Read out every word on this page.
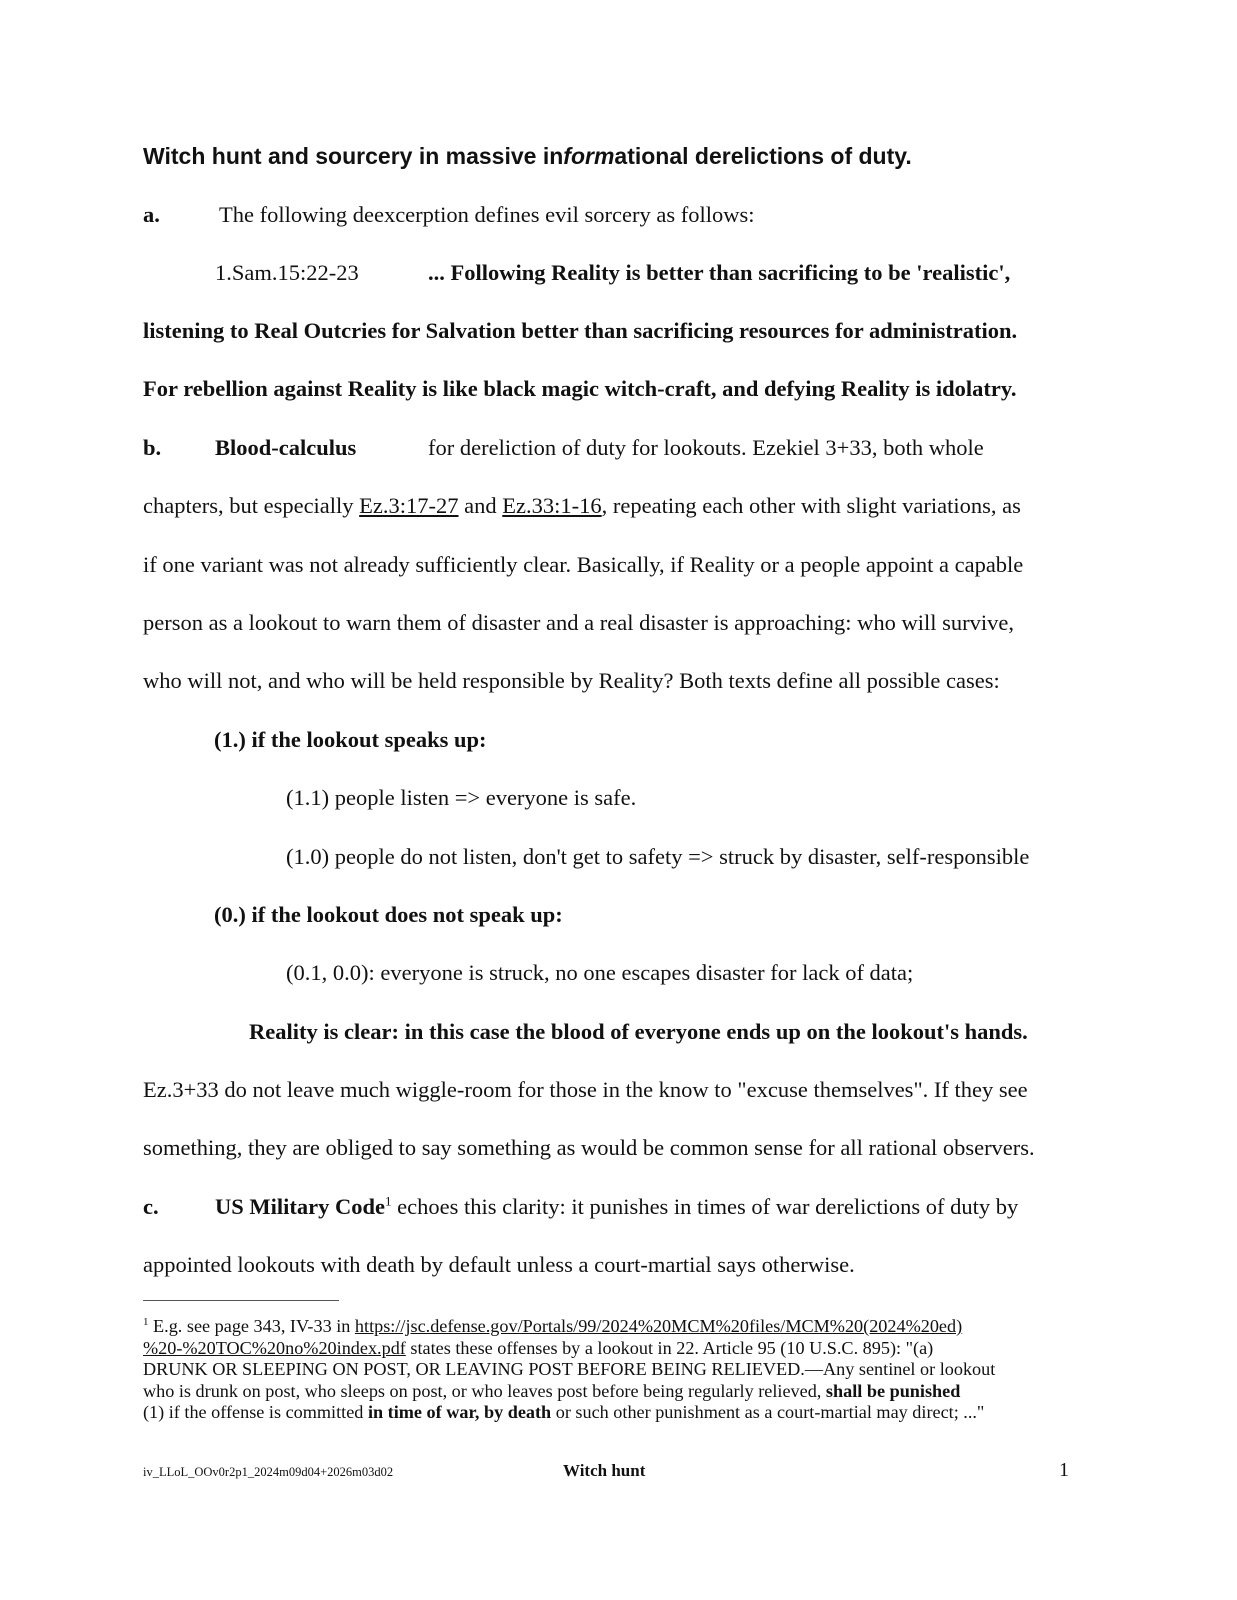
Witch hunt and sourcery in massive informational derelictions of duty.
a.	The following deexcerption defines evil sorcery as follows:
1.Sam.15:22-23	... Following Reality is better than sacrificing to be 'realistic',
listening to Real Outcries for Salvation better than sacrificing resources for administration.
For rebellion against Reality is like black magic witch-craft, and defying Reality is idolatry.
b. Blood-calculus	for dereliction of duty for lookouts. Ezekiel 3+33, both whole
chapters, but especially Ez.3:17-27 and Ez.33:1-16, repeating each other with slight variations, as
if one variant was not already sufficiently clear. Basically, if Reality or a people appoint a capable
person as a lookout to warn them of disaster and a real disaster is approaching: who will survive,
who will not, and who will be held responsible by Reality? Both texts define all possible cases:
(1.) if the lookout speaks up:
(1.1) people listen => everyone is safe.
(1.0) people do not listen, don't get to safety => struck by disaster, self-responsible
(0.) if the lookout does not speak up:
(0.1, 0.0): everyone is struck, no one escapes disaster for lack of data;
Reality is clear: in this case the blood of everyone ends up on the lookout's hands.
Ez.3+33 do not leave much wiggle-room for those in the know to "excuse themselves". If they see
something, they are obliged to say something as would be common sense for all rational observers.
c.	US Military Code$^1$ echoes this clarity: it punishes in times of war derelictions of duty by
appointed lookouts with death by default unless a court-martial says otherwise.

$^1$ E.g. see page 343, IV-33 in https://jsc.defense.gov/Portals/99/2024%20MCM%20files/MCM%20(2024%20ed)

%20-%20TOC%20no%20index.pdf states these offenses by a lookout in 22. Article 95 (10 U.S.C. 895): "(a)

DRUNK OR SLEEPING ON POST, OR LEAVING POST BEFORE BEING RELIEVED.—Any sentinel or lookout

who is drunk on post, who sleeps on post, or who leaves post before being regularly relieved, shall be punished

(1) if the offense is committed in time of war, by death or such other punishment as a court-martial may direct; ..."

iv_LLoL_OOv0r2p1_2024m09d04+2026m03d02	Witch hunt	1
